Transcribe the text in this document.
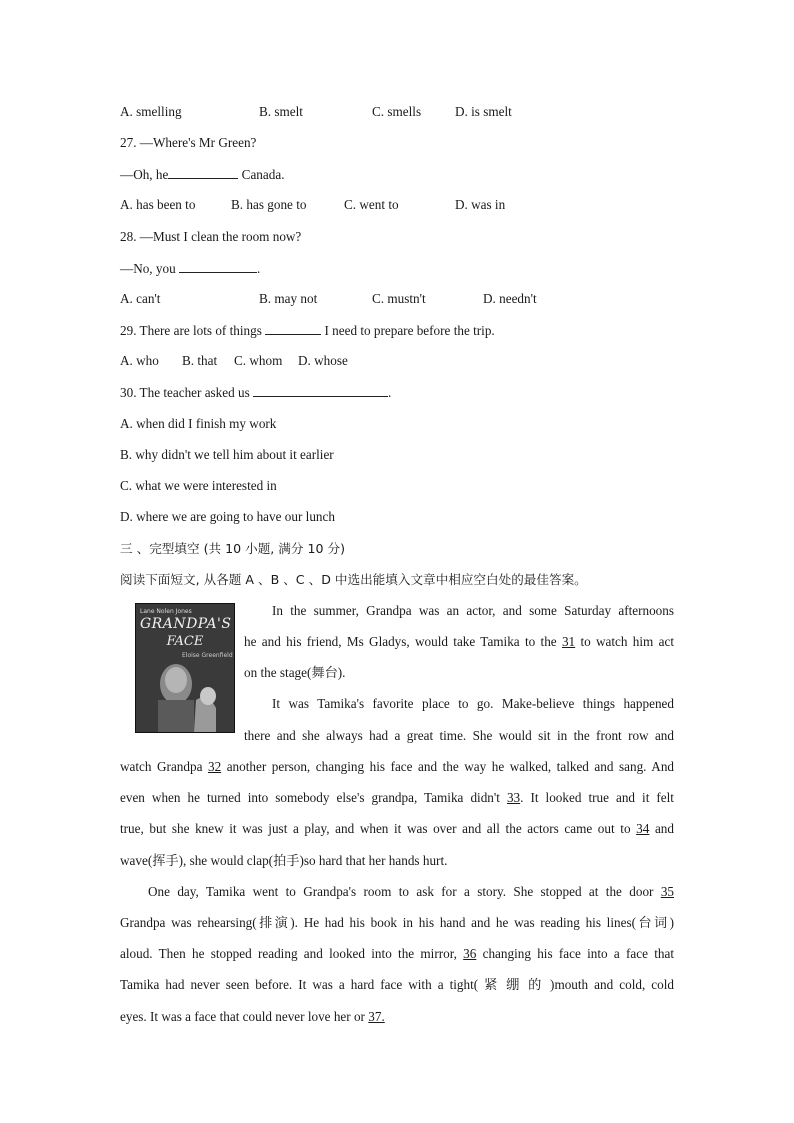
A. smelling	B. smelt	C. smells	D. is smelt
27. —Where's Mr Green?
—Oh, he	Canada.
A. has been to	B. has gone to	C. went to	D. was in
28. —Must I clean the room now?
—No, you	.
A. can't	B. may not	C. mustn't	D. needn't
29. There are lots of things	I need to prepare before the trip.
A. who B. that C. whom D. whose
30. The teacher asked us	.
A. when did I finish my work
B. why didn't we tell him about it earlier
C. what we were interested in
D. where we are going to have our lunch
三 、完型填空 (共 10 小题, 满分 10 分)
阅读下面短文, 从各题 A 、B 、C 、D 中选出能填入文章中相应空白处的最佳答案。
Lane Nolen Jones
GRANDPA'S
FACE
Eloise Greenfield
In the summer, Grandpa was an actor, and some Saturday afternoons
he and his friend, Ms Gladys, would take Tamika to the 31 to watch him act
on the stage(舞台).
It was Tamika's favorite place to go. Make-believe things happened
there and she always had a great time. She would sit in the front row and
watch Grandpa 32 another person, changing his face and the way he walked, talked and sang. And
even when he turned into somebody else's grandpa, Tamika didn't 33. It looked true and it felt
true, but she knew it was just a play, and when it was over and all the actors came out to 34 and
wave(挥手), she would clap(拍手)so hard that her hands hurt.
One day, Tamika went to Grandpa's room to ask for a story. She stopped at the door 35
Grandpa was rehearsing(排演). He had his book in his hand and he was reading his lines(台词)
aloud. Then he stopped reading and looked into the mirror, 36 changing his face into a face that
Tamika had never seen before. It was a hard face with a tight( 紧 绷 的 )mouth and cold, cold
eyes. It was a face that could never love her or 37.
